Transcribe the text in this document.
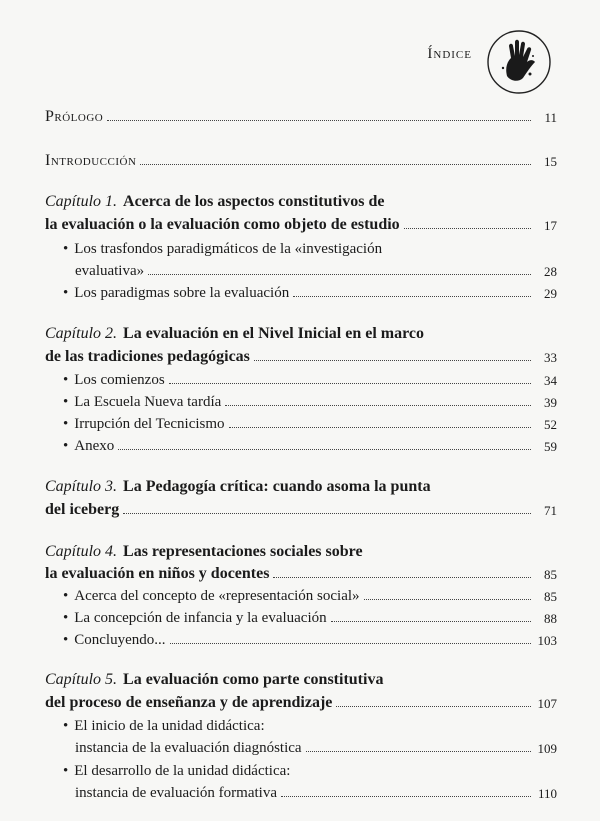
Índice
Prólogo	11
Introducción	15
Capítulo 1. Acerca de los aspectos constitutivos de
la evaluación o la evaluación como objeto de estudio	17
• Los trasfondos paradigmáticos de la «investigación
evaluativa»	28
• Los paradigmas sobre la evaluación	29
Capítulo 2. La evaluación en el Nivel Inicial en el marco
de las tradiciones pedagógicas	33
• Los comienzos	34
• La Escuela Nueva tardía	39
• Irrupción del Tecnicismo	52
• Anexo	59
Capítulo 3. La Pedagogía crítica: cuando asoma la punta
del iceberg	71
Capítulo 4. Las representaciones sociales sobre
la evaluación en niños y docentes	85
• Acerca del concepto de «representación social»	85
• La concepción de infancia y la evaluación	88
• Concluyendo...	103
Capítulo 5. La evaluación como parte constitutiva
del proceso de enseñanza y de aprendizaje	107
• El inicio de la unidad didáctica:
instancia de la evaluación diagnóstica	109
• El desarrollo de la unidad didáctica:
instancia de evaluación formativa	110
